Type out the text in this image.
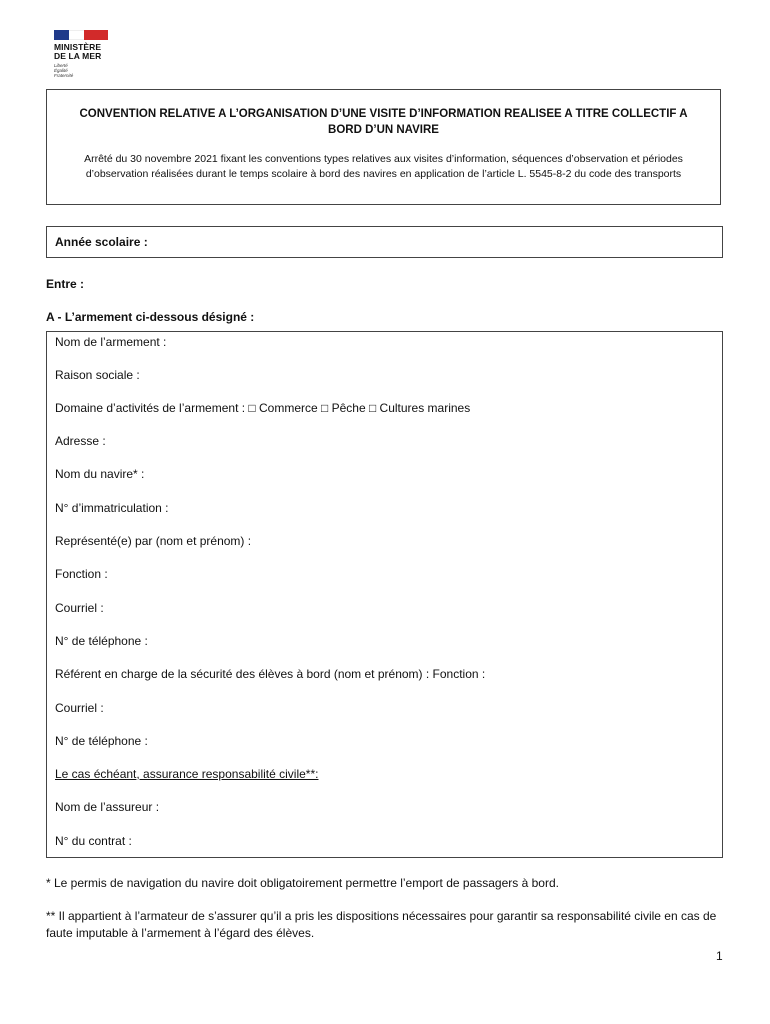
MINISTÈRE
DE LA MER
Liberté
Égalité
Fraternité
CONVENTION RELATIVE A L’ORGANISATION D’UNE VISITE D’INFORMATION REALISEE A TITRE COLLECTIF A BORD D’UN NAVIRE
Arrêté du 30 novembre 2021 fixant les conventions types relatives aux visites d’information, séquences d’observation et périodes d’observation réalisées durant le temps scolaire à bord des navires en application de l’article L. 5545-8-2 du code des transports
Année scolaire :
Entre :
A - L’armement ci-dessous désigné :
Nom de l’armement :
Raison sociale :
Domaine d’activités de l’armement : □ Commerce □ Pêche □ Cultures marines
Adresse :
Nom du navire* :
N° d’immatriculation :
Représenté(e) par (nom et prénom) :
Fonction :
Courriel :
N° de téléphone :
Référent en charge de la sécurité des élèves à bord (nom et prénom) : Fonction :
Courriel :
N° de téléphone :
Le cas échéant, assurance responsabilité civile**:
Nom de l’assureur :
N° du contrat :
* Le permis de navigation du navire doit obligatoirement permettre l’emport de passagers à bord.
** Il appartient à l’armateur de s’assurer qu’il a pris les dispositions nécessaires pour garantir sa responsabilité civile en cas de faute imputable à l’armement à l’égard des élèves.
1
